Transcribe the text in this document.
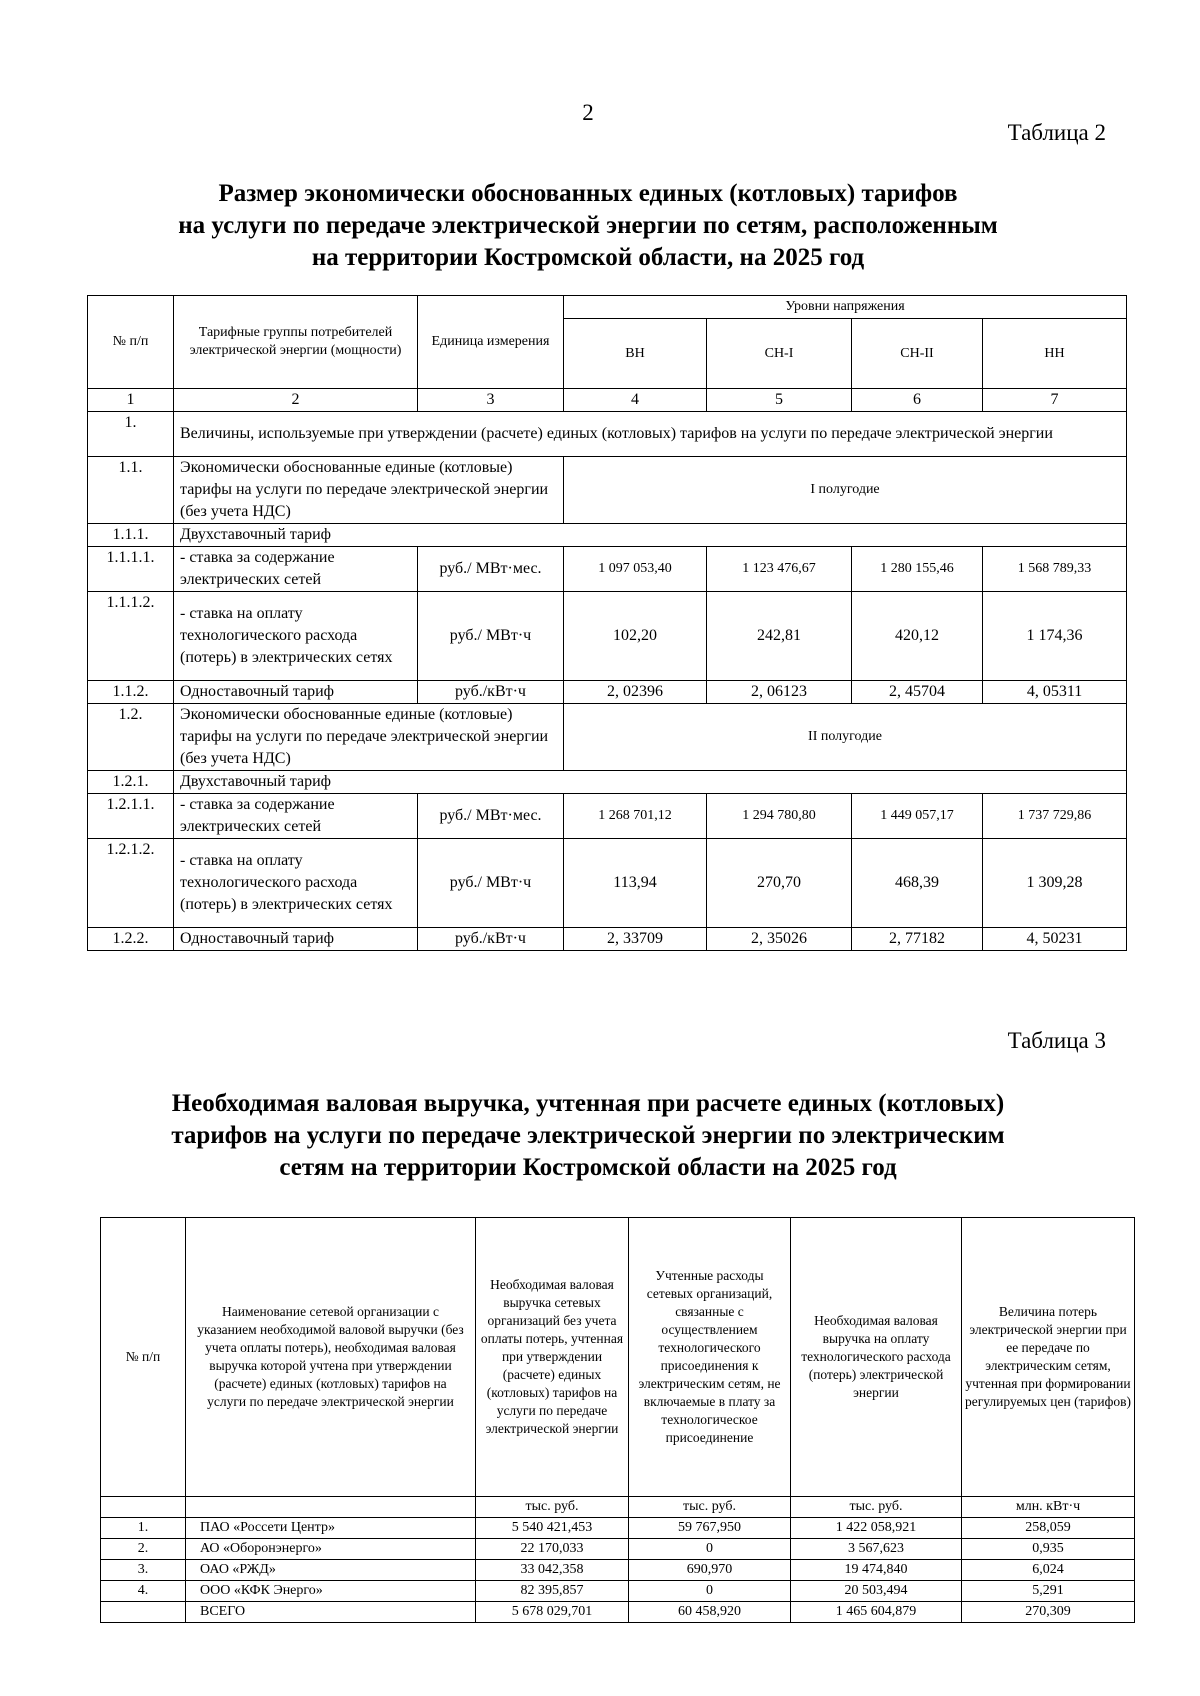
2
Таблица 2
Размер экономически обоснованных единых (котловых) тарифов
на услуги по передаче электрической энергии по сетям, расположенным
на территории Костромской области, на 2025 год
№ п/п	Тарифные группы потребителей электрической энергии (мощности)	Единица измерения	Уровни напряжения			
			ВН	СН-I	СН-II	НН
1	2	3	4	5	6	7
1.	Величины, используемые при утверждении (расчете) единых (котловых) тарифов на услуги по передаче электрической энергии					
1.1.	Экономически обоснованные единые (котловые) тарифы на услуги по передаче электрической энергии (без учета НДС)		I полугодие			
1.1.1.	Двухставочный тариф					
1.1.1.1.	- ставка за содержание электрических сетей	руб./ МВт·мес.	1 097 053,40	1 123 476,67	1 280 155,46	1 568 789,33
1.1.1.2.	- ставка на оплату технологического расхода (потерь) в электрических сетях	руб./ МВт·ч	102,20	242,81	420,12	1 174,36
1.1.2.	Одноставочный тариф	руб./кВт·ч	2, 02396	2, 06123	2, 45704	4, 05311
1.2.	Экономически обоснованные единые (котловые) тарифы на услуги по передаче электрической энергии (без учета НДС)		II полугодие			
1.2.1.	Двухставочный тариф					
1.2.1.1.	- ставка за содержание электрических сетей	руб./ МВт·мес.	1 268 701,12	1 294 780,80	1 449 057,17	1 737 729,86
1.2.1.2.	- ставка на оплату технологического расхода (потерь) в электрических сетях	руб./ МВт·ч	113,94	270,70	468,39	1 309,28
1.2.2.	Одноставочный тариф	руб./кВт·ч	2, 33709	2, 35026	2, 77182	4, 50231
Таблица 3
Необходимая валовая выручка, учтенная при расчете единых (котловых)
тарифов на услуги по передаче электрической энергии по электрическим
сетям на территории Костромской области на 2025 год
№ п/п	Наименование сетевой организации с указанием необходимой валовой выручки (без учета оплаты потерь), необходимая валовая выручка которой учтена при утверждении (расчете) единых (котловых) тарифов на услуги по передаче электрической энергии	Необходимая валовая выручка сетевых организаций без учета оплаты потерь, учтенная при утверждении (расчете) единых (котловых) тарифов на услуги по передаче электрической энергии	Учтенные расходы сетевых организаций, связанные с осуществлением технологического присоединения к электрическим сетям, не включаемые в плату за технологическое присоединение	Необходимая валовая выручка на оплату технологического расхода (потерь) электрической энергии	Величина потерь электрической энергии при ее передаче по электрическим сетям, учтенная при формировании регулируемых цен (тарифов)
		тыс. руб.	тыс. руб.	тыс. руб.	млн. кВт·ч
1.	ПАО «Россети Центр»	5 540 421,453	59 767,950	1 422 058,921	258,059
2.	АО «Оборонэнерго»	22 170,033	0	3 567,623	0,935
3.	ОАО «РЖД»	33 042,358	690,970	19 474,840	6,024
4.	ООО «КФК Энерго»	82 395,857	0	20 503,494	5,291
	ВСЕГО	5 678 029,701	60 458,920	1 465 604,879	270,309
